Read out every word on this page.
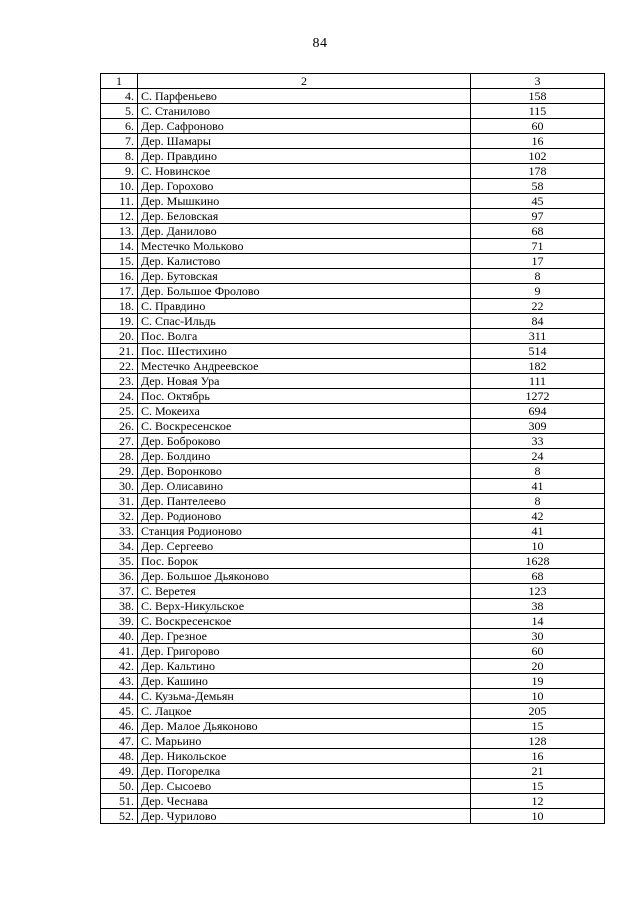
84
1	2	3
4.	С. Парфеньево	158
5.	С. Станилово	115
6.	Дер. Сафроново	60
7.	Дер. Шамары	16
8.	Дер. Правдино	102
9.	С. Новинское	178
10.	Дер. Горохово	58
11.	Дер. Мышкино	45
12.	Дер. Беловская	97
13.	Дер. Данилово	68
14.	Местечко Мольково	71
15.	Дер. Калистово	17
16.	Дер. Бутовская	8
17.	Дер. Большое Фролово	9
18.	С. Правдино	22
19.	С. Спас-Ильдь	84
20.	Пос. Волга	311
21.	Пос. Шестихино	514
22.	Местечко Андреевское	182
23.	Дер. Новая Ура	111
24.	Пос. Октябрь	1272
25.	С. Мокеиха	694
26.	С. Воскресенское	309
27.	Дер. Боброково	33
28.	Дер. Болдино	24
29.	Дер. Воронково	8
30.	Дер. Олисавино	41
31.	Дер. Пантелеево	8
32.	Дер. Родионово	42
33.	Станция Родионово	41
34.	Дер. Сергеево	10
35.	Пос. Борок	1628
36.	Дер. Большое Дьяконово	68
37.	С. Веретея	123
38.	С. Верх-Никульское	38
39.	С. Воскресенское	14
40.	Дер. Грезное	30
41.	Дер. Григорово	60
42.	Дер. Кальтино	20
43.	Дер. Кашино	19
44.	С. Кузьма-Демьян	10
45.	С. Лацкое	205
46.	Дер. Малое Дьяконово	15
47.	С. Марьино	128
48.	Дер. Никольское	16
49.	Дер. Погорелка	21
50.	Дер. Сысоево	15
51.	Дер. Чеснава	12
52.	Дер. Чурилово	10
